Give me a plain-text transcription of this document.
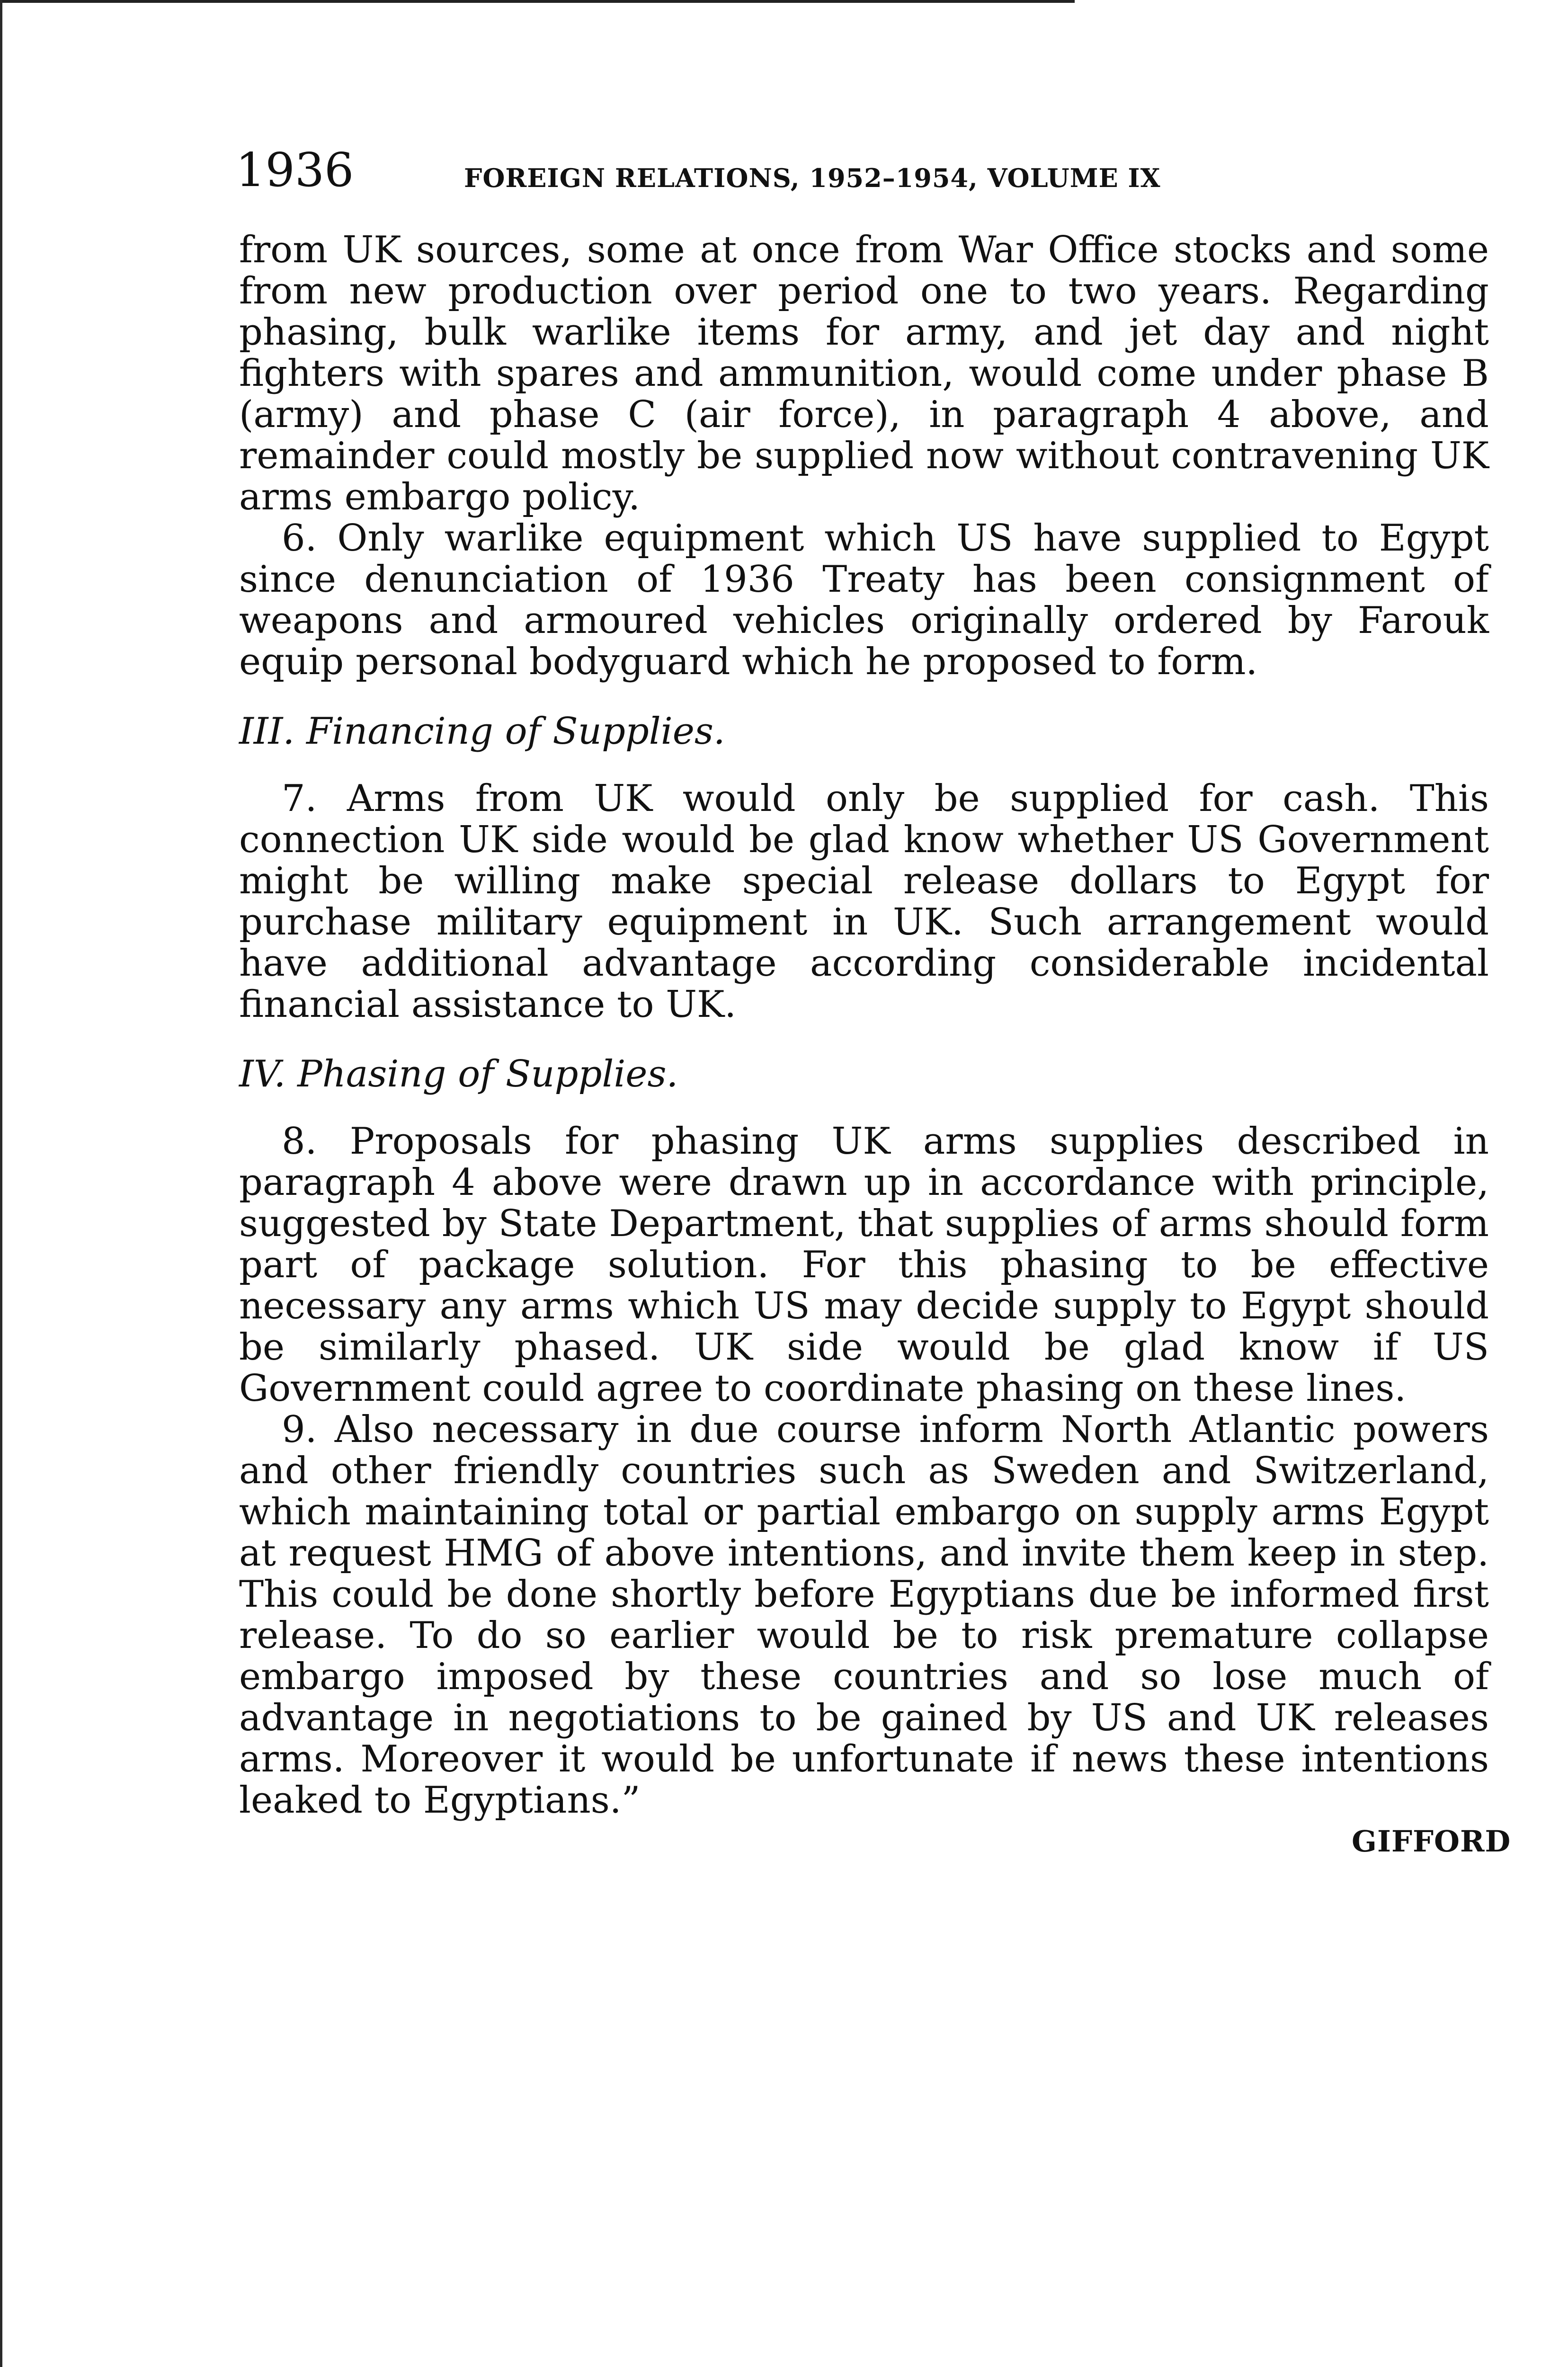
1936	FOREIGN RELATIONS, 1952–1954, VOLUME IX

from UK sources, some at once from War Office stocks and some from new production over period one to two years. Regarding phasing, bulk warlike items for army, and jet day and night fighters with spares and ammunition, would come under phase B (army) and phase C (air force), in paragraph 4 above, and remainder could mostly be supplied now without contravening UK arms embargo policy.

6. Only warlike equipment which US have supplied to Egypt since denunciation of 1936 Treaty has been consignment of weapons and armoured vehicles originally ordered by Farouk equip personal bodyguard which he proposed to form.

III. Financing of Supplies.

7. Arms from UK would only be supplied for cash. This connection UK side would be glad know whether US Government might be willing make special release dollars to Egypt for purchase military equipment in UK. Such arrangement would have additional advantage according considerable incidental financial assistance to UK.

IV. Phasing of Supplies.

8. Proposals for phasing UK arms supplies described in paragraph 4 above were drawn up in accordance with principle, suggested by State Department, that supplies of arms should form part of package solution. For this phasing to be effective necessary any arms which US may decide supply to Egypt should be similarly phased. UK side would be glad know if US Government could agree to coordinate phasing on these lines.

9. Also necessary in due course inform North Atlantic powers and other friendly countries such as Sweden and Switzerland, which maintaining total or partial embargo on supply arms Egypt at request HMG of above intentions, and invite them keep in step. This could be done shortly before Egyptians due be informed first release. To do so earlier would be to risk premature collapse embargo imposed by these countries and so lose much of advantage in negotiations to be gained by US and UK releases arms. Moreover it would be unfortunate if news these intentions leaked to Egyptians.”

GIFFORD
